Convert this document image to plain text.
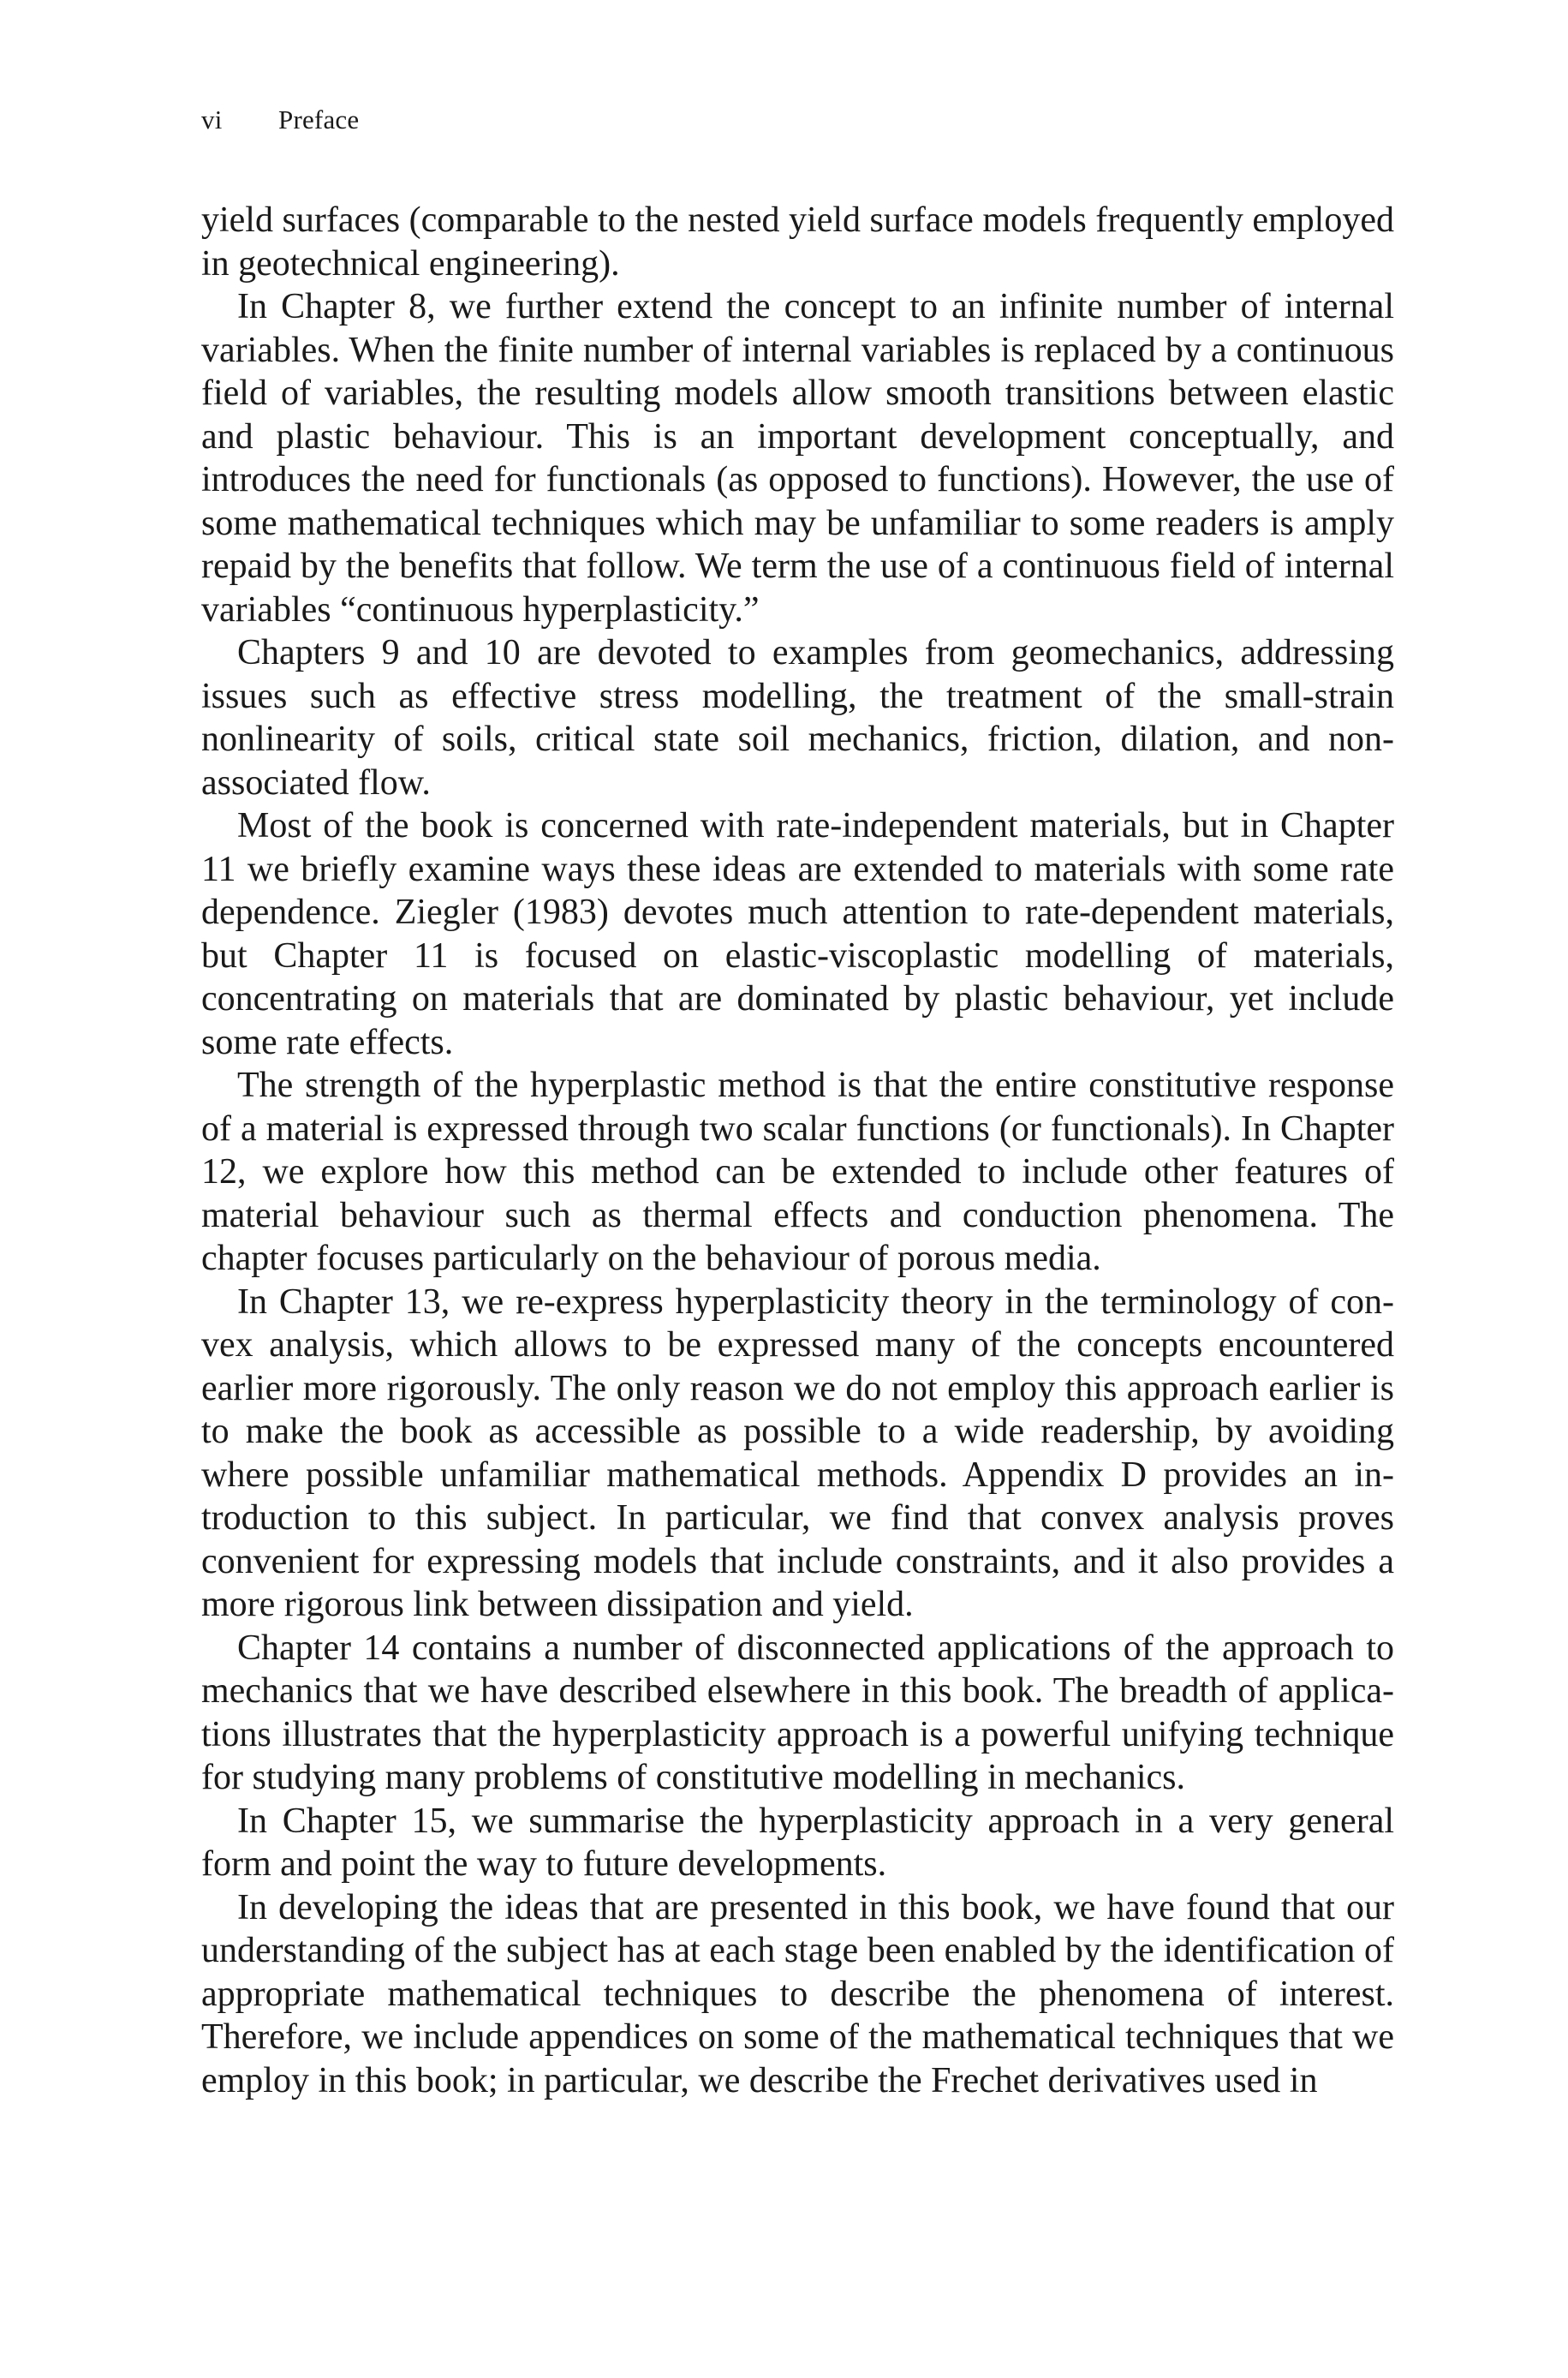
vi Preface

yield surfaces (comparable to the nested yield surface models frequently employed in geotechnical engineering).

In Chapter 8, we further extend the concept to an infinite number of internal variables. When the finite number of internal variables is replaced by a continuous field of variables, the resulting models allow smooth transitions between elastic and plastic behaviour. This is an important development conceptually, and introduces the need for functionals (as opposed to functions). However, the use of some mathematical techniques which may be unfamiliar to some readers is amply repaid by the benefits that follow. We term the use of a continuous field of internal variables “continuous hyperplasticity.”

Chapters 9 and 10 are devoted to examples from geomechanics, addressing issues such as effective stress modelling, the treatment of the small-strain nonlinearity of soils, critical state soil mechanics, friction, dilation, and nonassociated flow.

Most of the book is concerned with rate-independent materials, but in Chapter 11 we briefly examine ways these ideas are extended to materials with some rate dependence. Ziegler (1983) devotes much attention to rate-dependent materials, but Chapter 11 is focused on elastic-viscoplastic modelling of materials, concentrating on materials that are dominated by plastic behaviour, yet include some rate effects.

The strength of the hyperplastic method is that the entire constitutive response of a material is expressed through two scalar functions (or functionals). In Chapter 12, we explore how this method can be extended to include other features of material behaviour such as thermal effects and conduction phenomena. The chapter focuses particularly on the behaviour of porous media.

In Chapter 13, we re-express hyperplasticity theory in the terminology of convex analysis, which allows to be expressed many of the concepts encountered earlier more rigorously. The only reason we do not employ this approach earlier is to make the book as accessible as possible to a wide readership, by avoiding where possible unfamiliar mathematical methods. Appendix D provides an introduction to this subject. In particular, we find that convex analysis proves convenient for expressing models that include constraints, and it also provides a more rigorous link between dissipation and yield.

Chapter 14 contains a number of disconnected applications of the approach to mechanics that we have described elsewhere in this book. The breadth of applications illustrates that the hyperplasticity approach is a powerful unifying technique for studying many problems of constitutive modelling in mechanics.

In Chapter 15, we summarise the hyperplasticity approach in a very general form and point the way to future developments.

In developing the ideas that are presented in this book, we have found that our understanding of the subject has at each stage been enabled by the identification of appropriate mathematical techniques to describe the phenomena of interest. Therefore, we include appendices on some of the mathematical techniques that we employ in this book; in particular, we describe the Frechet derivatives used in
